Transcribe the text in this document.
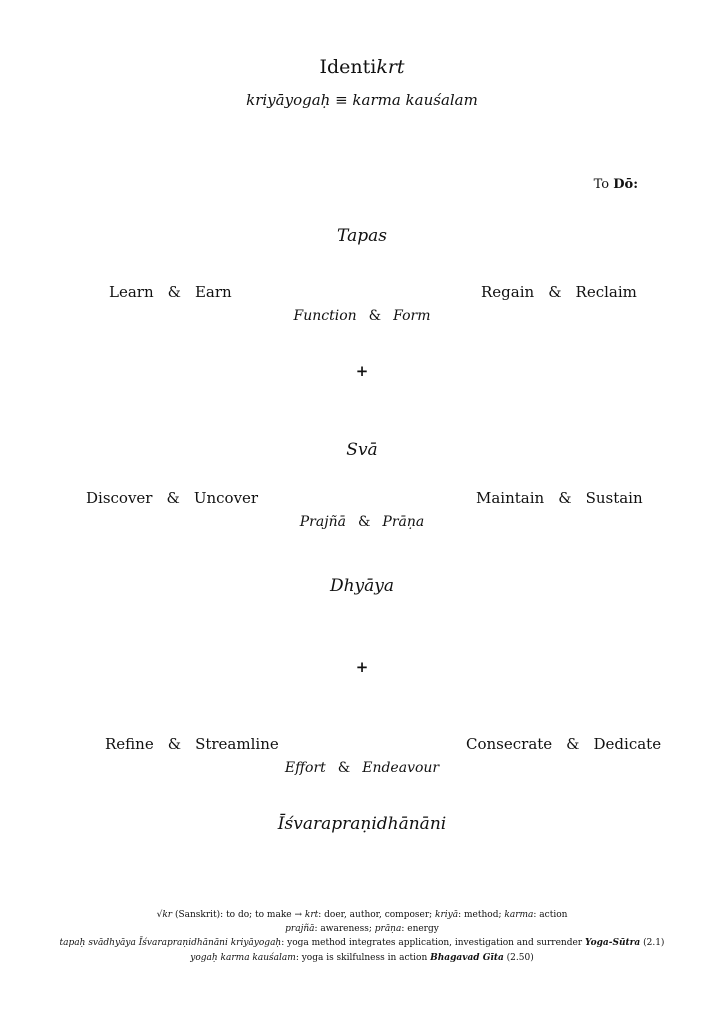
Identikrt
kriyāyogaḥ ≡ karma kauśalam
To Dō:
Tapas
Learn & Earn	Regain & Reclaim
Function & Form
+
Svā
Discover & Uncover	Maintain & Sustain
Prajñā & Prāṇa
Dhyāya
+
Refine & Streamline	Consecrate & Dedicate
Effort & Endeavour
Īśvarapraṇidhānāni
√kr (Sanskrit): to do; to make → krt: doer, author, composer; kriyā: method; karma: action
prajñā: awareness; prāṇa: energy
tapaḥ svādhyāya Īśvarapraṇidhānāni kriyāyogaḥ: yoga method integrates application, investigation and surrender Yoga-Sūtra (2.1)
yogaḥ karma kauśalam: yoga is skilfulness in action Bhagavad Gīta (2.50)
